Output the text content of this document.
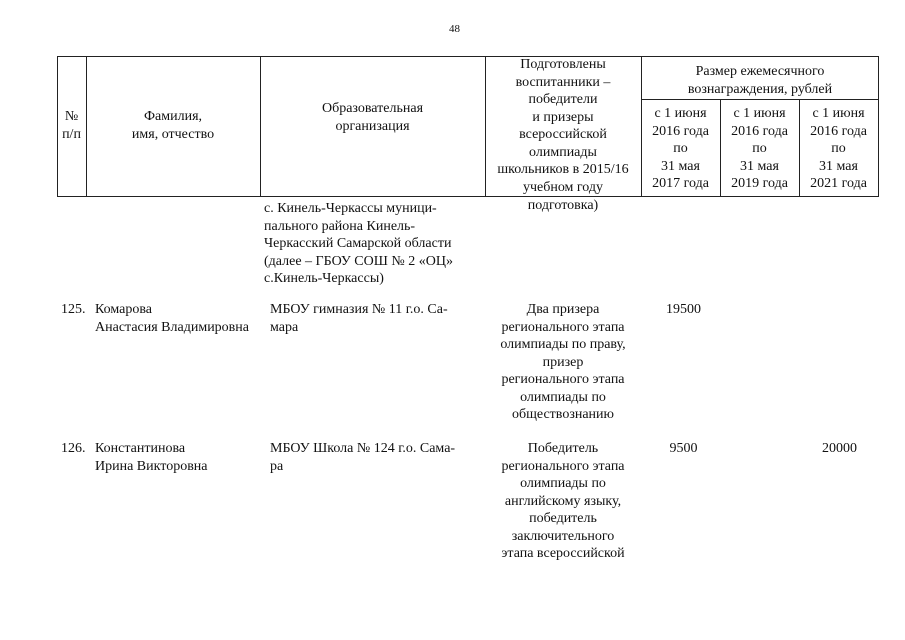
48
№
п/п
Фамилия,
имя, отчество
Образовательная
организация
Подготовлены
воспитанники –
победители
и призеры
всероссийской
олимпиады
школьников в 2015/16
учебном году
Размер ежемесячного
вознаграждения, рублей
с 1 июня
2016 года
по
31 мая
2017 года
с 1 июня
2016 года
по
31 мая
2019 года
с 1 июня
2016 года
по
31 мая
2021 года
с. Кинель-Черкассы муници-
пального района Кинель-
Черкасский Самарской области
(далее – ГБОУ СОШ № 2 «ОЦ»
с.Кинель-Черкассы)
подготовка)
125. Комарова
Анастасия Владимировна
МБОУ гимназия № 11 г.о. Са-
мара
Два призера
регионального этапа
олимпиады по праву,
призер
регионального этапа
олимпиады по
обществознанию
19500
126. Константинова
Ирина Викторовна
МБОУ Школа № 124 г.о. Сама-
ра
Победитель
регионального этапа
олимпиады по
английскому языку,
победитель
заключительного
этапа всероссийской
9500	20000
